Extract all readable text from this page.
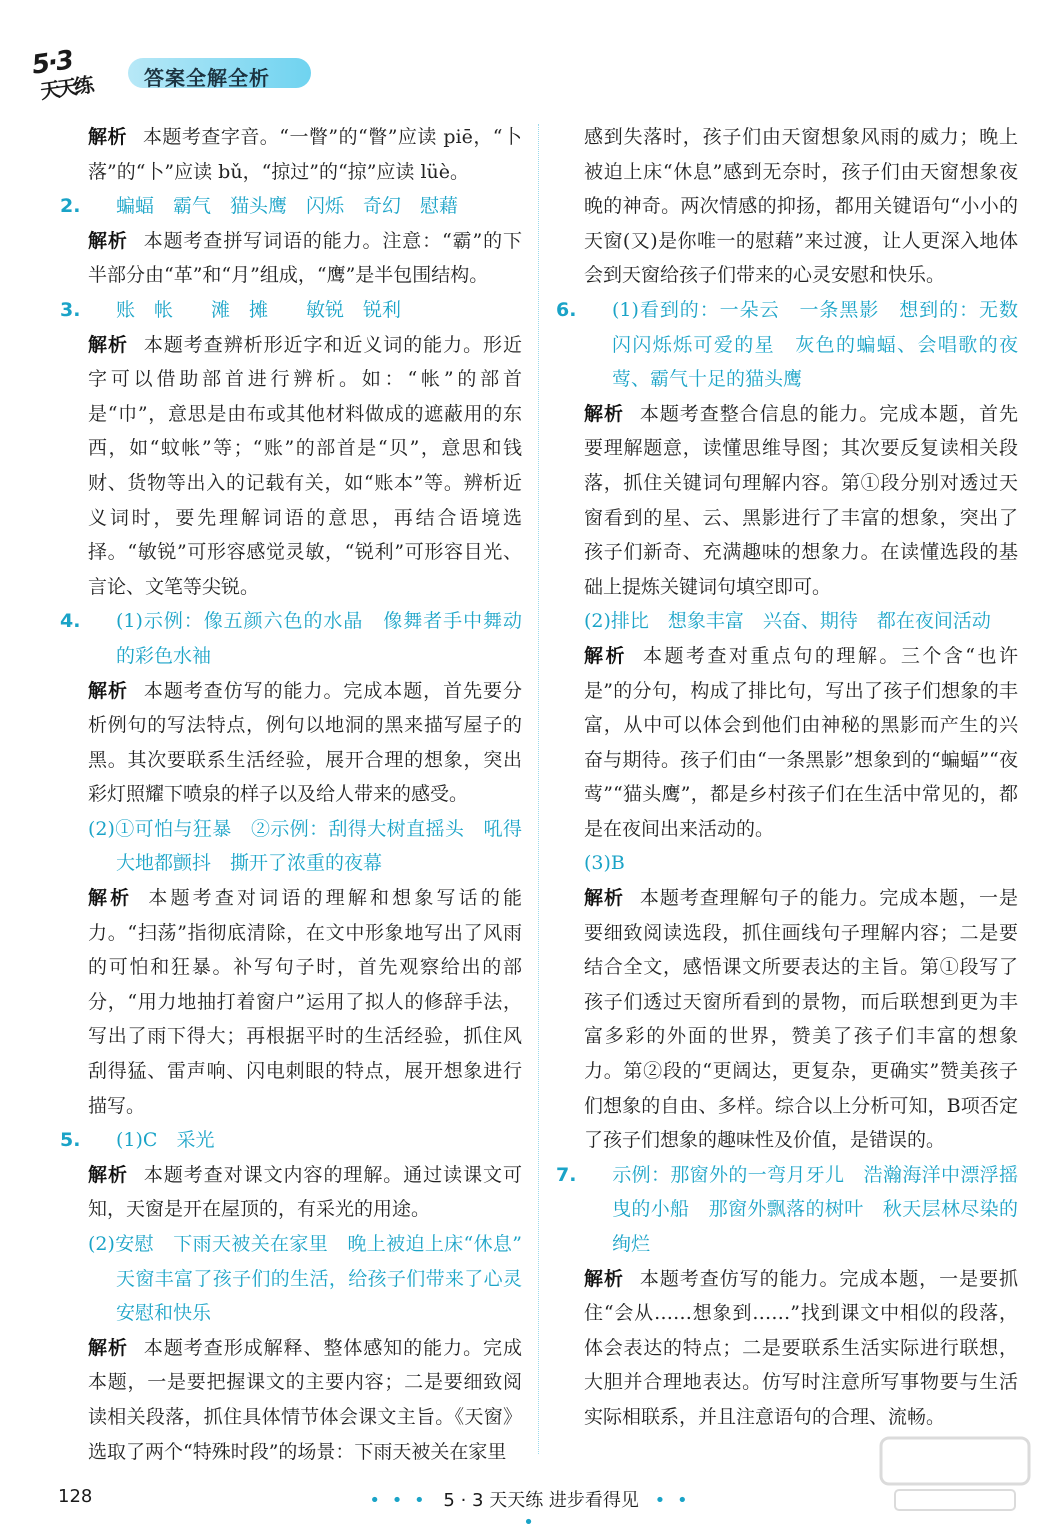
5·3
天天练	答案全解全析

解析 本题考查字音。“一瞥”的“瞥”应读 piē，“卜落”的“卜”应读 bǔ，“掠过”的“掠”应读 lüè。

2. 蝙蝠　霸气　猫头鹰　闪烁　奇幻　慰藉

解析 本题考查拼写词语的能力。注意：“霸”的下半部分由“革”和“月”组成，“鹰”是半包围结构。

3. 账　帐　　滩　摊　　敏锐　锐利

解析 本题考查辨析形近字和近义词的能力。形近字可以借助部首进行辨析。如：“帐”的部首是“巾”，意思是由布或其他材料做成的遮蔽用的东西，如“蚊帐”等；“账”的部首是“贝”，意思和钱财、货物等出入的记载有关，如“账本”等。辨析近义词时，要先理解词语的意思，再结合语境选择。“敏锐”可形容感觉灵敏，“锐利”可形容目光、言论、文笔等尖锐。

4. (1)示例：像五颜六色的水晶　像舞者手中舞动的彩色水袖

解析 本题考查仿写的能力。完成本题，首先要分析例句的写法特点，例句以地洞的黑来描写屋子的黑。其次要联系生活经验，展开合理的想象，突出彩灯照耀下喷泉的样子以及给人带来的感受。

(2)①可怕与狂暴　②示例：刮得大树直摇头　吼得大地都颤抖　撕开了浓重的夜幕

解析 本题考查对词语的理解和想象写话的能力。“扫荡”指彻底清除，在文中形象地写出了风雨的可怕和狂暴。补写句子时，首先观察给出的部分，“用力地抽打着窗户”运用了拟人的修辞手法，写出了雨下得大；再根据平时的生活经验，抓住风刮得猛、雷声响、闪电刺眼的特点，展开想象进行描写。

5. (1)C　采光

解析 本题考查对课文内容的理解。通过读课文可知，天窗是开在屋顶的，有采光的用途。

(2)安慰　下雨天被关在家里　晚上被迫上床“休息”　天窗丰富了孩子们的生活，给孩子们带来了心灵安慰和快乐

解析 本题考查形成解释、整体感知的能力。完成本题，一是要把握课文的主要内容；二是要细致阅读相关段落，抓住具体情节体会课文主旨。《天窗》选取了两个“特殊时段”的场景：下雨天被关在家里

感到失落时，孩子们由天窗想象风雨的威力；晚上被迫上床“休息”感到无奈时，孩子们由天窗想象夜晚的神奇。两次情感的抑扬，都用关键语句“小小的天窗(又)是你唯一的慰藉”来过渡，让人更深入地体会到天窗给孩子们带来的心灵安慰和快乐。

6. (1)看到的：一朵云　一条黑影　想到的：无数闪闪烁烁可爱的星　灰色的蝙蝠、会唱歌的夜莺、霸气十足的猫头鹰

解析 本题考查整合信息的能力。完成本题，首先要理解题意，读懂思维导图；其次要反复读相关段落，抓住关键词句理解内容。第①段分别对透过天窗看到的星、云、黑影进行了丰富的想象，突出了孩子们新奇、充满趣味的想象力。在读懂选段的基础上提炼关键词句填空即可。

(2)排比　想象丰富　兴奋、期待　都在夜间活动

解析 本题考查对重点句的理解。三个含“也许是”的分句，构成了排比句，写出了孩子们想象的丰富，从中可以体会到他们由神秘的黑影而产生的兴奋与期待。孩子们由“一条黑影”想象到的“蝙蝠”“夜莺”“猫头鹰”，都是乡村孩子们在生活中常见的，都是在夜间出来活动的。

(3)B

解析 本题考查理解句子的能力。完成本题，一是要细致阅读选段，抓住画线句子理解内容；二是要结合全文，感悟课文所要表达的主旨。第①段写了孩子们透过天窗所看到的景物，而后联想到更为丰富多彩的外面的世界，赞美了孩子们丰富的想象力。第②段的“更阔达，更复杂，更确实”赞美孩子们想象的自由、多样。综合以上分析可知，B项否定了孩子们想象的趣味性及价值，是错误的。

7. 示例：那窗外的一弯月牙儿　浩瀚海洋中漂浮摇曳的小船　那窗外飘落的树叶　秋天层林尽染的绚烂

解析 本题考查仿写的能力。完成本题，一是要抓住“会从……想象到……”找到课文中相似的段落，体会表达的特点；二是要联系生活实际进行联想，大胆并合理地表达。仿写时注意所写事物要与生活实际相联系，并且注意语句的合理、流畅。

128	• • • 5 · 3 天天练 进步看得见 • • •
